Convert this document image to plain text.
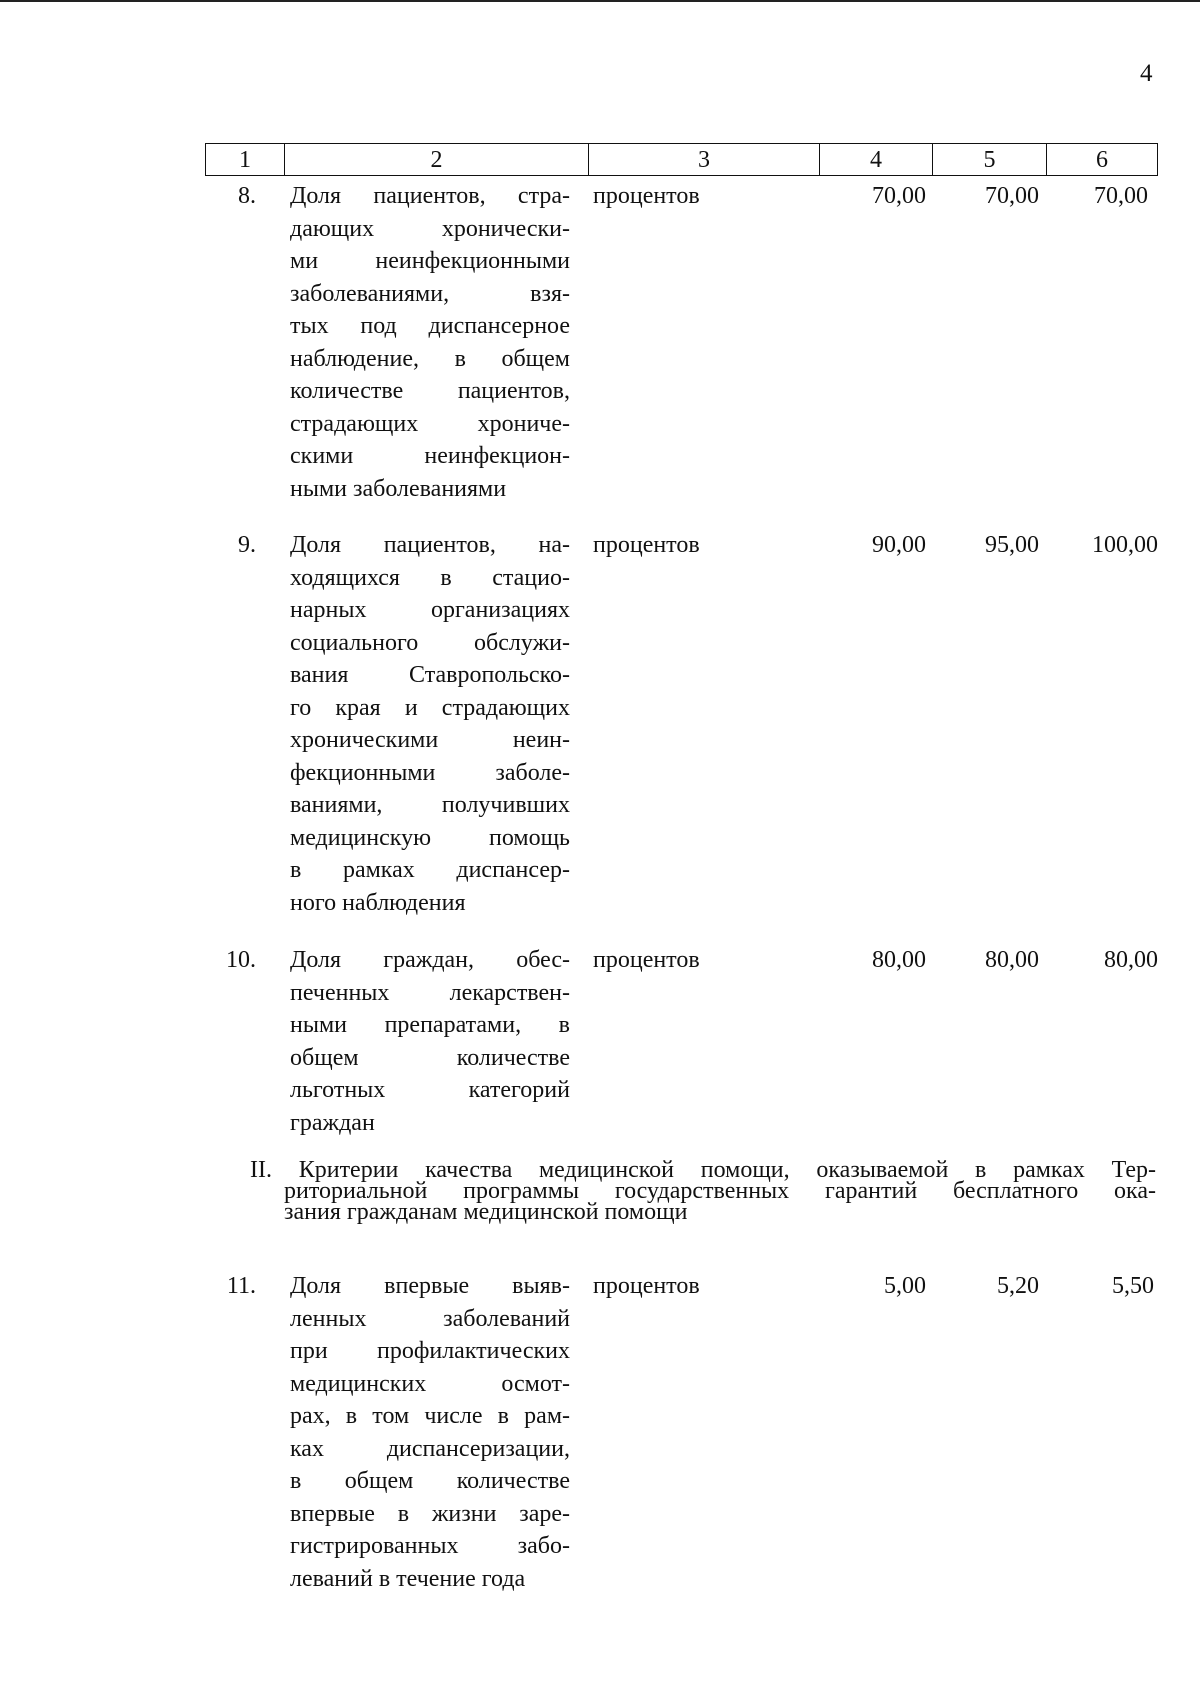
4
1	2	3	4	5	6
8. Доля пациентов, стра-
дающих хронически-
ми неинфекционными
заболеваниями, взя-
тых под диспансерное
наблюдение, в общем
количестве пациентов,
страдающих хрониче-
скими неинфекцион-
ными заболеваниями
процентов	70,00	70,00	70,00
9. Доля пациентов, на-
ходящихся в стацио-
нарных организациях
социального обслужи-
вания Ставропольско-
го края и страдающих
хроническими неин-
фекционными заболе-
ваниями, получивших
медицинскую помощь
в рамках диспансер-
ного наблюдения
процентов	90,00	95,00	100,00
10. Доля граждан, обес-
печенных лекарствен-
ными препаратами, в
общем количестве
льготных категорий
граждан
процентов	80,00	80,00	80,00
II. Критерии качества медицинской помощи, оказываемой в рамках Тер-
риториальной программы государственных гарантий бесплатного ока-
зания гражданам медицинской помощи
11. Доля впервые выяв-
ленных заболеваний
при профилактических
медицинских осмот-
рах, в том числе в рам-
ках диспансеризации,
в общем количестве
впервые в жизни заре-
гистрированных забо-
леваний в течение года
процентов	5,00	5,20	5,50
